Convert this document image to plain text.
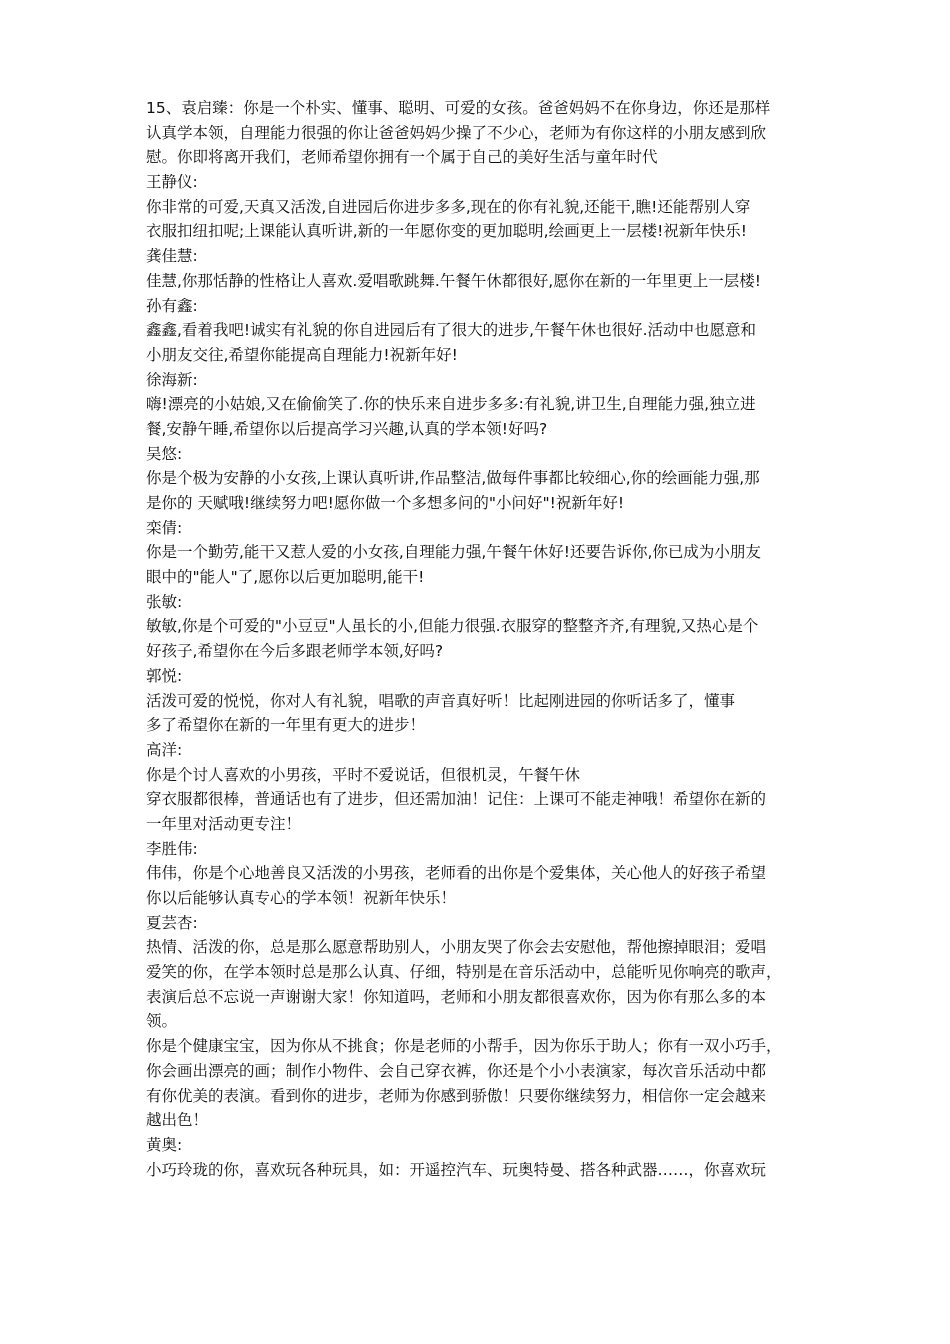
15、袁启臻：你是一个朴实、懂事、聪明、可爱的女孩。爸爸妈妈不在你身边，你还是那样
认真学本领，自理能力很强的你让爸爸妈妈少操了不少心，老师为有你这样的小朋友感到欣
慰。你即将离开我们，老师希望你拥有一个属于自己的美好生活与童年时代
王静仪:
你非常的可爱,天真又活泼,自进园后你进步多多,现在的你有礼貌,还能干,瞧!还能帮别人穿
衣服扣纽扣呢;上课能认真听讲,新的一年愿你变的更加聪明,绘画更上一层楼!祝新年快乐!
龚佳慧:
佳慧,你那恬静的性格让人喜欢.爱唱歌跳舞.午餐午休都很好,愿你在新的一年里更上一层楼!
孙有鑫:
鑫鑫,看着我吧!诚实有礼貌的你自进园后有了很大的进步,午餐午休也很好.活动中也愿意和
小朋友交往,希望你能提高自理能力!祝新年好!
徐海新:
嗨!漂亮的小姑娘,又在偷偷笑了.你的快乐来自进步多多:有礼貌,讲卫生,自理能力强,独立进
餐,安静午睡,希望你以后提高学习兴趣,认真的学本领!好吗?
吴悠:
你是个极为安静的小女孩,上课认真听讲,作品整洁,做每件事都比较细心,你的绘画能力强,那
是你的 天赋哦!继续努力吧!愿你做一个多想多问的"小问好"!祝新年好!
栾倩:
你是一个勤劳,能干又惹人爱的小女孩,自理能力强,午餐午休好!还要告诉你,你已成为小朋友
眼中的"能人"了,愿你以后更加聪明,能干!
张敏:
敏敏,你是个可爱的"小豆豆"人虽长的小,但能力很强.衣服穿的整整齐齐,有理貌,又热心是个
好孩子,希望你在今后多跟老师学本领,好吗?
郭悦:
活泼可爱的悦悦，你对人有礼貌，唱歌的声音真好听！比起刚进园的你听话多了，懂事
多了希望你在新的一年里有更大的进步！
高洋:
你是个讨人喜欢的小男孩，平时不爱说话，但很机灵，午餐午休
穿衣服都很棒，普通话也有了进步，但还需加油！记住：上课可不能走神哦！希望你在新的
一年里对活动更专注！
李胜伟:
伟伟，你是个心地善良又活泼的小男孩，老师看的出你是个爱集体，关心他人的好孩子希望
你以后能够认真专心的学本领！祝新年快乐！
夏芸杏:
热情、活泼的你，总是那么愿意帮助别人，小朋友哭了你会去安慰他，帮他擦掉眼泪；爱唱
爱笑的你，在学本领时总是那么认真、仔细，特别是在音乐活动中，总能听见你响亮的歌声，
表演后总不忘说一声谢谢大家！你知道吗，老师和小朋友都很喜欢你，因为你有那么多的本
领。
你是个健康宝宝，因为你从不挑食；你是老师的小帮手，因为你乐于助人；你有一双小巧手，
你会画出漂亮的画；制作小物件、会自己穿衣裤，你还是个小小表演家，每次音乐活动中都
有你优美的表演。看到你的进步，老师为你感到骄傲！只要你继续努力，相信你一定会越来
越出色！
黄奥:
小巧玲珑的你，喜欢玩各种玩具，如：开遥控汽车、玩奥特曼、搭各种武器……，你喜欢玩
